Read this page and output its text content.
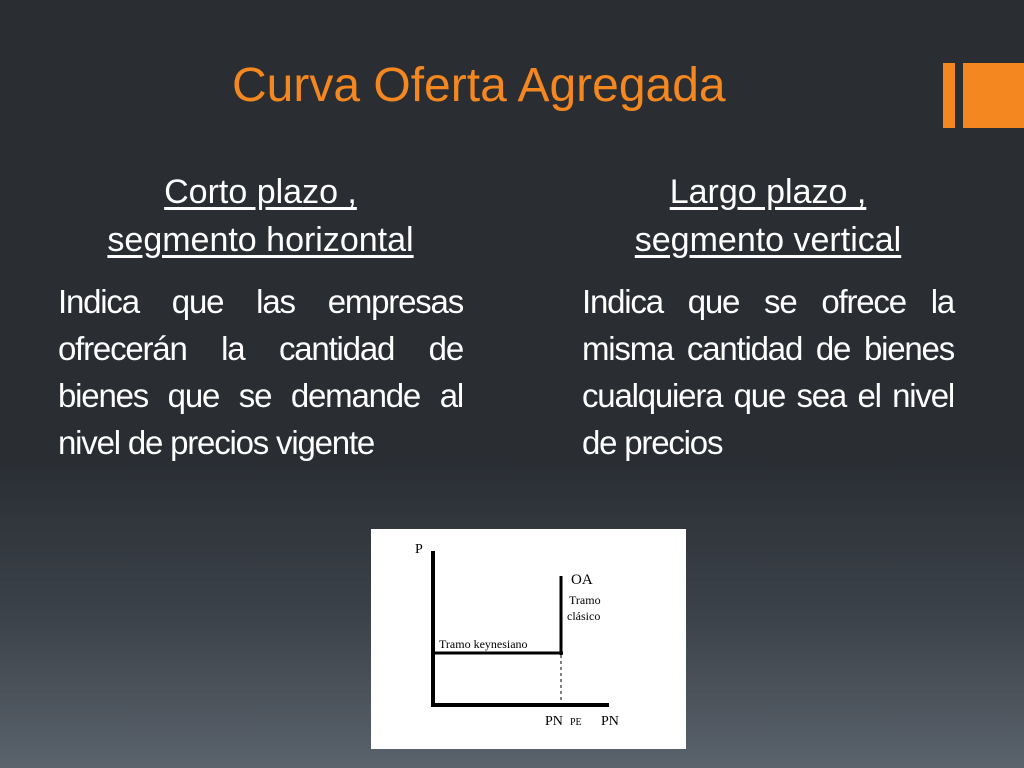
Curva Oferta Agregada
Corto plazo ,
segmento horizontal
Indica que las empresas ofrecerán la cantidad de bienes que se demande al nivel de precios vigente
Largo plazo ,
segmento vertical
Indica que se ofrece la misma cantidad de bienes cualquiera que sea el nivel de precios
P
OA
Tramo
clásico
Tramo keynesiano
PN PE PN
